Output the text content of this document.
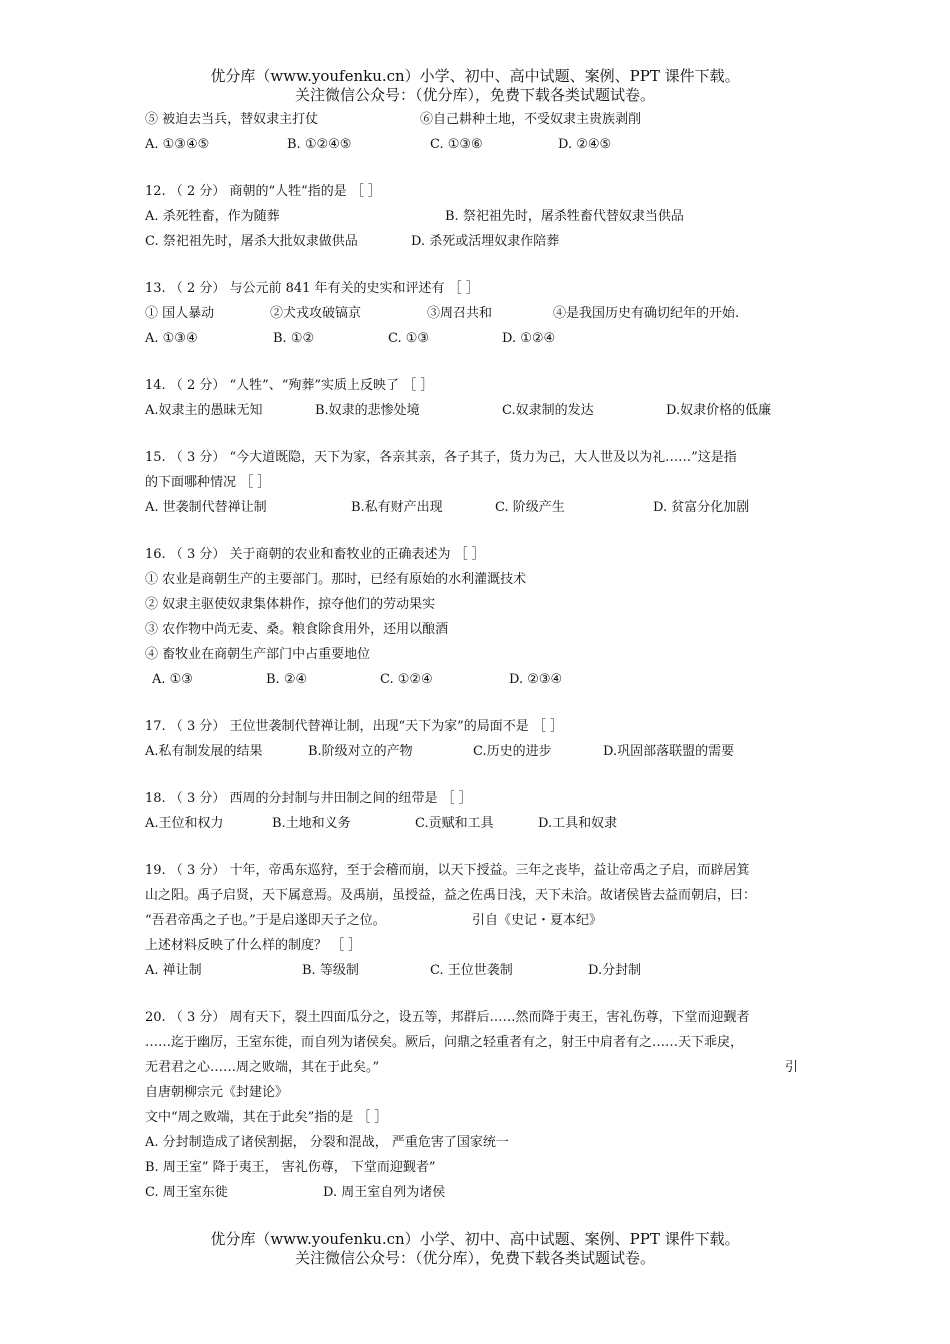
优分库（www.youfenku.cn）小学、初中、高中试题、案例、PPT 课件下载。
关注微信公众号：（优分库），免费下载各类试题试卷。
⑤ 被迫去当兵，替奴隶主打仗	⑥自己耕种土地，不受奴隶主贵族剥削
A. ①③④⑤	B. ①②④⑤	C. ①③⑥	D. ②④⑤
12. （ 2 分） 商朝的“人牲”指的是 ［ ］
A. 杀死牲畜，作为随葬	B. 祭祀祖先时，屠杀牲畜代替奴隶当供品
C. 祭祀祖先时，屠杀大批奴隶做供品	D. 杀死或活埋奴隶作陪葬
13. （ 2 分） 与公元前 841 年有关的史实和评述有 ［ ］
① 国人暴动	②犬戎攻破镐京	③周召共和	④是我国历史有确切纪年的开始.
A. ①③④	B. ①②	C. ①③	D. ①②④
14. （ 2 分） “人牲”、“殉葬”实质上反映了 ［ ］
A.奴隶主的愚昧无知	B.奴隶的悲惨处境	C.奴隶制的发达	D.奴隶价格的低廉
15. （ 3 分） “今大道既隐，天下为家，各亲其亲，各子其子，货力为己，大人世及以为礼……”这是指
的下面哪种情况 ［ ］
A. 世袭制代替禅让制	B.私有财产出现	C. 阶级产生	D. 贫富分化加剧
16. （ 3 分） 关于商朝的农业和畜牧业的正确表述为 ［ ］
① 农业是商朝生产的主要部门。那时，已经有原始的水利灌溉技术
② 奴隶主驱使奴隶集体耕作，掠夺他们的劳动果实
③ 农作物中尚无麦、桑。粮食除食用外，还用以酿酒
④ 畜牧业在商朝生产部门中占重要地位
A. ①③	B. ②④	C. ①②④	D. ②③④
17. （ 3 分） 王位世袭制代替禅让制，出现“天下为家”的局面不是 ［ ］
A.私有制发展的结果	B.阶级对立的产物	C.历史的进步	D.巩固部落联盟的需要
18. （ 3 分） 西周的分封制与井田制之间的纽带是 ［ ］
A.王位和权力	B.土地和义务	C.贡赋和工具	D.工具和奴隶
19. （ 3 分） 十年，帝禹东巡狩，至于会稽而崩，以天下授益。三年之丧毕，益让帝禹之子启，而辟居箕
山之阳。禹子启贤，天下属意焉。及禹崩，虽授益，益之佐禹日浅，天下未洽。故诸侯皆去益而朝启，曰：
“吾君帝禹之子也。”于是启遂即天子之位。	引自《史记・夏本纪》
上述材料反映了什么样的制度？ ［ ］
A. 禅让制	B. 等级制	C. 王位世袭制	D.分封制
20. （ 3 分） 周有天下，裂土四面瓜分之，设五等，邦群后……然而降于夷王，害礼伤尊，下堂而迎觐者
……迄于幽厉，王室东徙，而自列为诸侯矣。厥后，问鼎之轻重者有之，射王中肩者有之……天下乖戾，
无君君之心……周之败端，其在于此矣。”	引
自唐朝柳宗元《封建论》
文中“周之败端，其在于此矣”指的是 ［ ］
A. 分封制造成了诸侯割据， 分裂和混战， 严重危害了国家统一
B. 周王室” 降于夷王， 害礼伤尊， 下堂而迎觐者”
C. 周王室东徙	D. 周王室自列为诸侯
优分库（www.youfenku.cn）小学、初中、高中试题、案例、PPT 课件下载。
关注微信公众号：（优分库），免费下载各类试题试卷。
